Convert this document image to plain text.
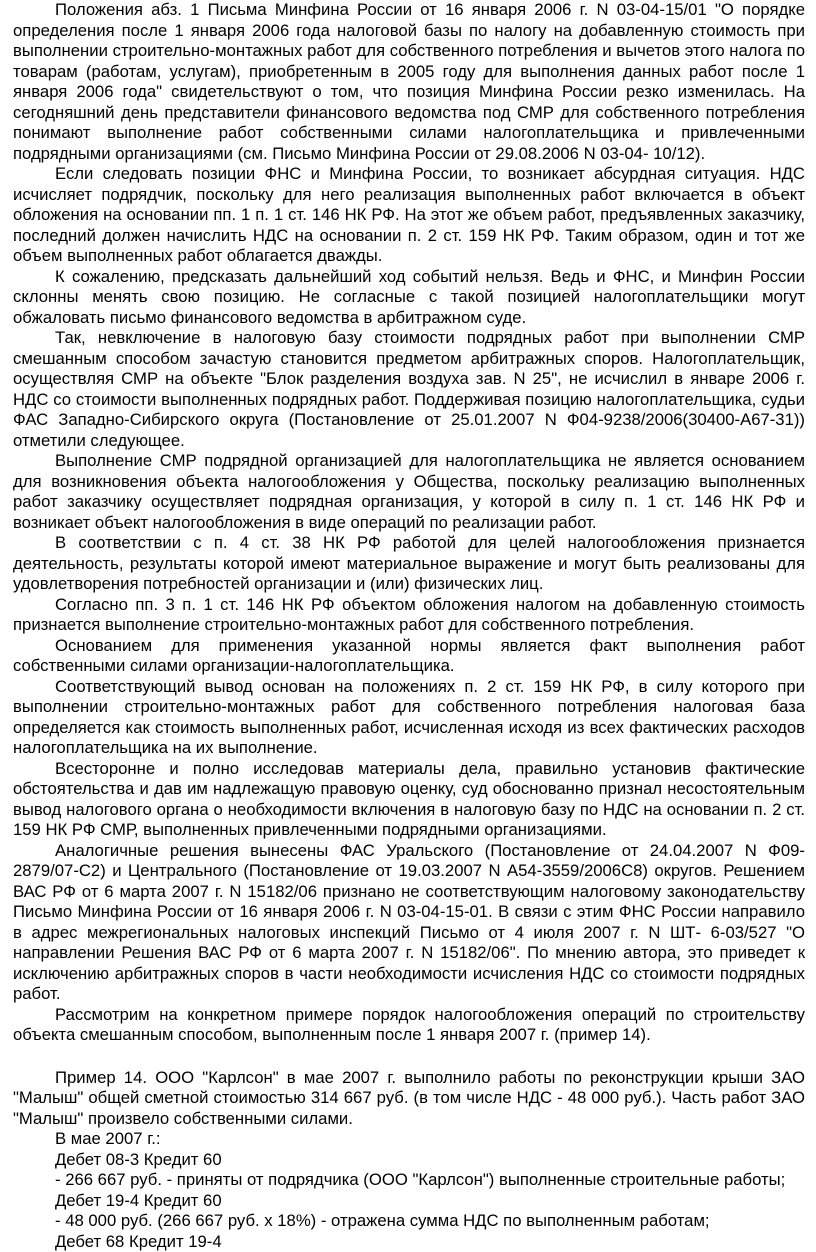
Положения абз. 1 Письма Минфина России от 16 января 2006 г. N 03-04-15/01 "О порядке определения после 1 января 2006 года налоговой базы по налогу на добавленную стоимость при выполнении строительно-монтажных работ для собственного потребления и вычетов этого налога по товарам (работам, услугам), приобретенным в 2005 году для выполнения данных работ после 1 января 2006 года" свидетельствуют о том, что позиция Минфина России резко изменилась. На сегодняшний день представители финансового ведомства под СМР для собственного потребления понимают выполнение работ собственными силами налогоплательщика и привлеченными подрядными организациями (см. Письмо Минфина России от 29.08.2006 N 03-04- 10/12).

Если следовать позиции ФНС и Минфина России, то возникает абсурдная ситуация. НДС исчисляет подрядчик, поскольку для него реализация выполненных работ включается в объект обложения на основании пп. 1 п. 1 ст. 146 НК РФ. На этот же объем работ, предъявленных заказчику, последний должен начислить НДС на основании п. 2 ст. 159 НК РФ. Таким образом, один и тот же объем выполненных работ облагается дважды.

К сожалению, предсказать дальнейший ход событий нельзя. Ведь и ФНС, и Минфин России склонны менять свою позицию. Не согласные с такой позицией налогоплательщики могут обжаловать письмо финансового ведомства в арбитражном суде.

Так, невключение в налоговую базу стоимости подрядных работ при выполнении СМР смешанным способом зачастую становится предметом арбитражных споров. Налогоплательщик, осуществляя СМР на объекте "Блок разделения воздуха зав. N 25", не исчислил в январе 2006 г. НДС со стоимости выполненных подрядных работ. Поддерживая позицию налогоплательщика, судьи ФАС Западно-Сибирского округа (Постановление от 25.01.2007 N Ф04-9238/2006(30400-А67-31)) отметили следующее.

Выполнение СМР подрядной организацией для налогоплательщика не является основанием для возникновения объекта налогообложения у Общества, поскольку реализацию выполненных работ заказчику осуществляет подрядная организация, у которой в силу п. 1 ст. 146 НК РФ и возникает объект налогообложения в виде операций по реализации работ.

В соответствии с п. 4 ст. 38 НК РФ работой для целей налогообложения признается деятельность, результаты которой имеют материальное выражение и могут быть реализованы для удовлетворения потребностей организации и (или) физических лиц.

Согласно пп. 3 п. 1 ст. 146 НК РФ объектом обложения налогом на добавленную стоимость признается выполнение строительно-монтажных работ для собственного потребления.

Основанием для применения указанной нормы является факт выполнения работ собственными силами организации-налогоплательщика.

Соответствующий вывод основан на положениях п. 2 ст. 159 НК РФ, в силу которого при выполнении строительно-монтажных работ для собственного потребления налоговая база определяется как стоимость выполненных работ, исчисленная исходя из всех фактических расходов налогоплательщика на их выполнение.

Всесторонне и полно исследовав материалы дела, правильно установив фактические обстоятельства и дав им надлежащую правовую оценку, суд обоснованно признал несостоятельным вывод налогового органа о необходимости включения в налоговую базу по НДС на основании п. 2 ст. 159 НК РФ СМР, выполненных привлеченными подрядными организациями.

Аналогичные решения вынесены ФАС Уральского (Постановление от 24.04.2007 N Ф09-2879/07-С2) и Центрального (Постановление от 19.03.2007 N А54-3559/2006С8) округов. Решением ВАС РФ от 6 марта 2007 г. N 15182/06 признано не соответствующим налоговому законодательству Письмо Минфина России от 16 января 2006 г. N 03-04-15-01. В связи с этим ФНС России направило в адрес межрегиональных налоговых инспекций Письмо от 4 июля 2007 г. N ШТ- 6-03/527 "О направлении Решения ВАС РФ от 6 марта 2007 г. N 15182/06". По мнению автора, это приведет к исключению арбитражных споров в части необходимости исчисления НДС со стоимости подрядных работ.

Рассмотрим на конкретном примере порядок налогообложения операций по строительству объекта смешанным способом, выполненным после 1 января 2007 г. (пример 14).

Пример 14. ООО "Карлсон" в мае 2007 г. выполнило работы по реконструкции крыши ЗАО "Малыш" общей сметной стоимостью 314 667 руб. (в том числе НДС - 48 000 руб.). Часть работ ЗАО "Малыш" произвело собственными силами.

В мае 2007 г.:
Дебет 08-3 Кредит 60
- 266 667 руб. - приняты от подрядчика (ООО "Карлсон") выполненные строительные работы;
Дебет 19-4 Кредит 60
- 48 000 руб. (266 667 руб. x 18%) - отражена сумма НДС по выполненным работам;
Дебет 68 Кредит 19-4
